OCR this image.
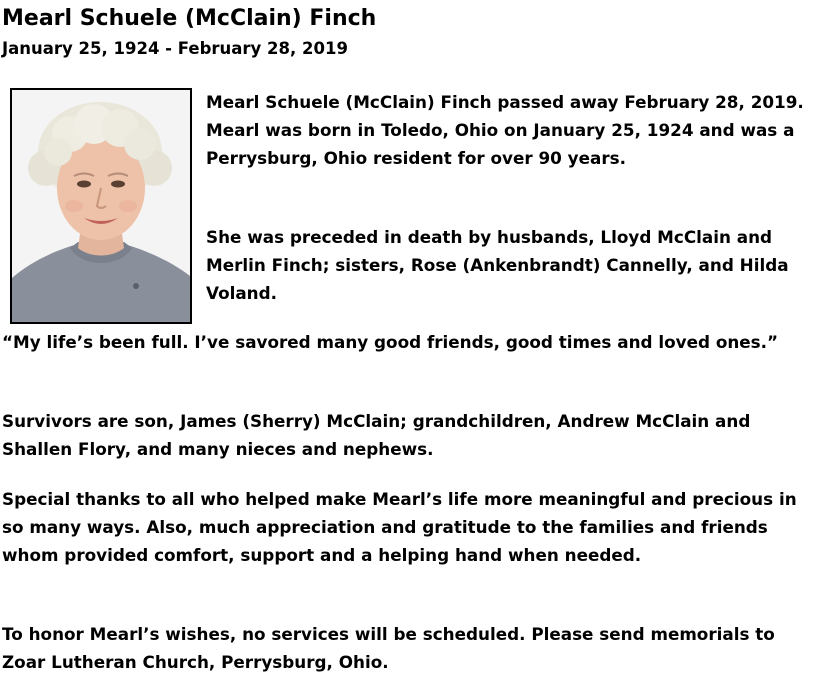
Mearl Schuele (McClain) Finch
January 25, 1924 - February 28, 2019

Mearl Schuele (McClain) Finch passed away February 28, 2019. Mearl was born in Toledo, Ohio on January 25, 1924 and was a Perrysburg, Ohio resident for over 90 years.

She was preceded in death by husbands, Lloyd McClain and Merlin Finch; sisters, Rose (Ankenbrandt) Cannelly, and Hilda Voland.

“My life’s been full. I’ve savored many good friends, good times and loved ones.”

Survivors are son, James (Sherry) McClain; grandchildren, Andrew McClain and Shallen Flory, and many nieces and nephews.

Special thanks to all who helped make Mearl’s life more meaningful and precious in so many ways. Also, much appreciation and gratitude to the families and friends whom provided comfort, support and a helping hand when needed.

To honor Mearl’s wishes, no services will be scheduled. Please send memorials to Zoar Lutheran Church, Perrysburg, Ohio.
